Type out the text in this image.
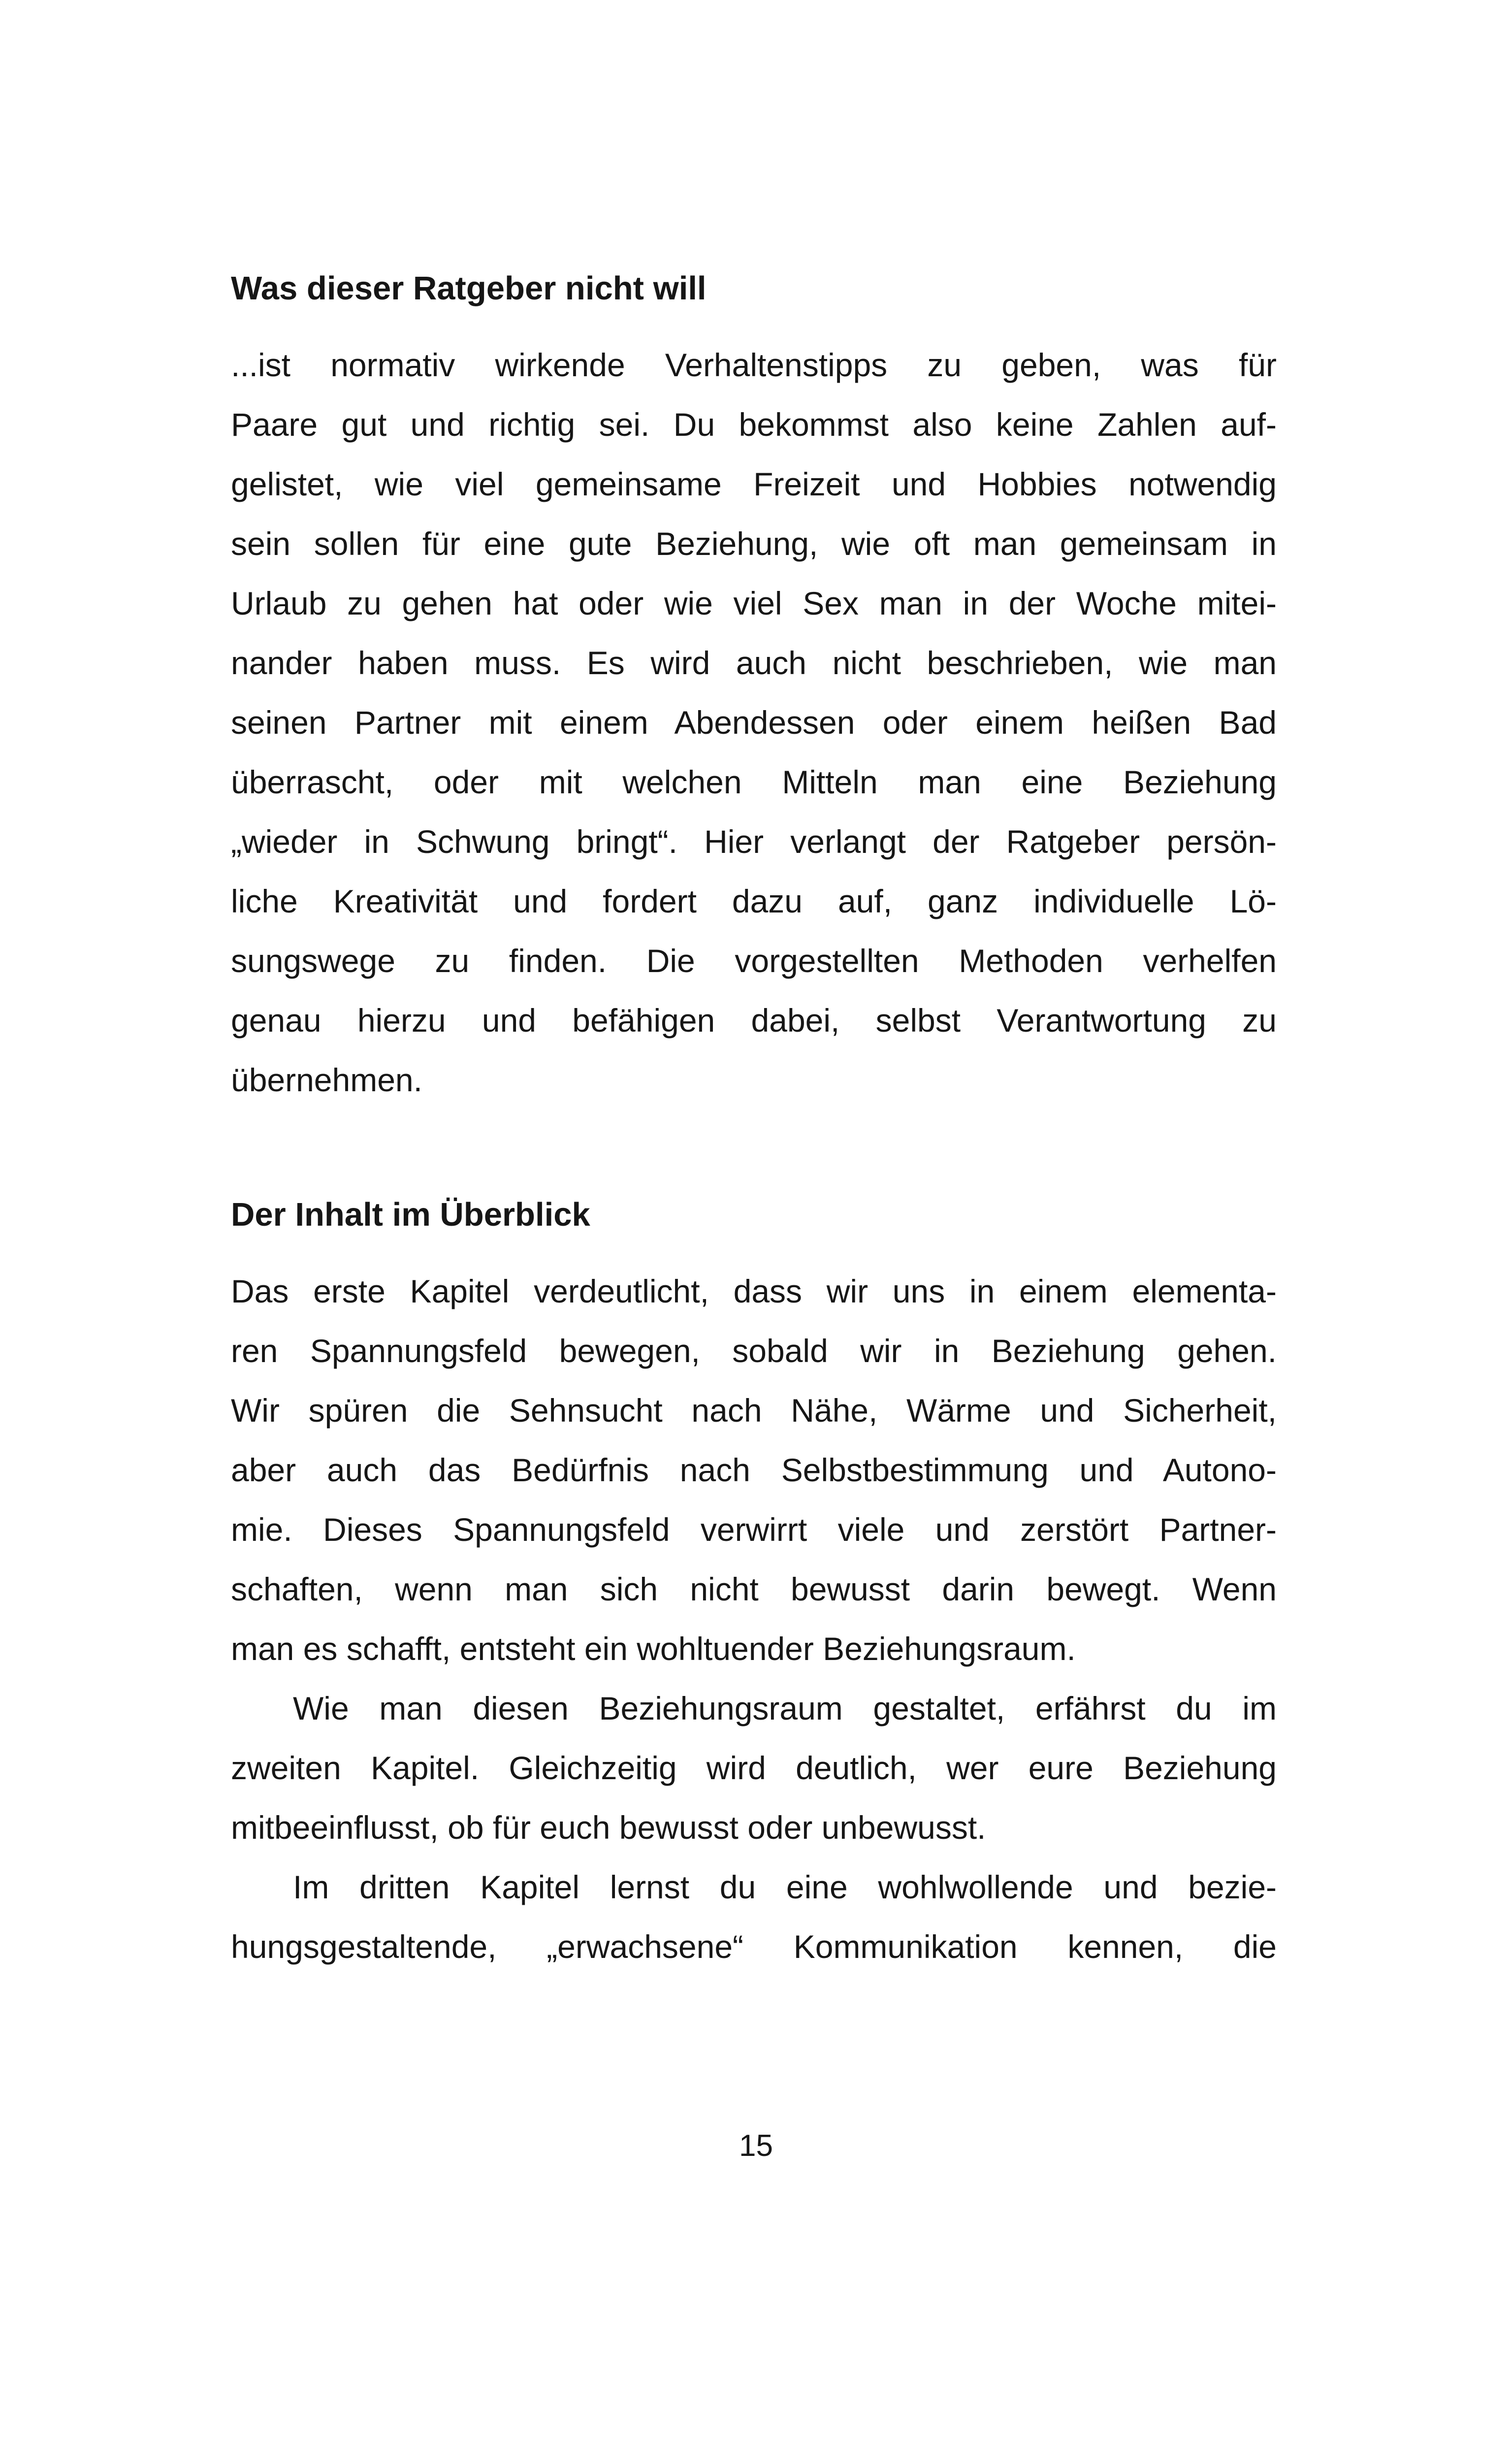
Was dieser Ratgeber nicht will
...ist normativ wirkende Verhaltenstipps zu geben, was für
Paare gut und richtig sei. Du bekommst also keine Zahlen auf-
gelistet, wie viel gemeinsame Freizeit und Hobbies notwendig
sein sollen für eine gute Beziehung, wie oft man gemeinsam in
Urlaub zu gehen hat oder wie viel Sex man in der Woche mitei-
nander haben muss. Es wird auch nicht beschrieben, wie man
seinen Partner mit einem Abendessen oder einem heißen Bad
überrascht, oder mit welchen Mitteln man eine Beziehung
„wieder in Schwung bringt“. Hier verlangt der Ratgeber persön-
liche Kreativität und fordert dazu auf, ganz individuelle Lö-
sungswege zu finden. Die vorgestellten Methoden verhelfen
genau hierzu und befähigen dabei, selbst Verantwortung zu
übernehmen.
Der Inhalt im Überblick
Das erste Kapitel verdeutlicht, dass wir uns in einem elementa-
ren Spannungsfeld bewegen, sobald wir in Beziehung gehen.
Wir spüren die Sehnsucht nach Nähe, Wärme und Sicherheit,
aber auch das Bedürfnis nach Selbstbestimmung und Autono-
mie. Dieses Spannungsfeld verwirrt viele und zerstört Partner-
schaften, wenn man sich nicht bewusst darin bewegt. Wenn
man es schafft, entsteht ein wohltuender Beziehungsraum.
Wie man diesen Beziehungsraum gestaltet, erfährst du im
zweiten Kapitel. Gleichzeitig wird deutlich, wer eure Beziehung
mitbeeinflusst, ob für euch bewusst oder unbewusst.
Im dritten Kapitel lernst du eine wohlwollende und bezie-
hungsgestaltende, „erwachsene“ Kommunikation kennen, die
15
